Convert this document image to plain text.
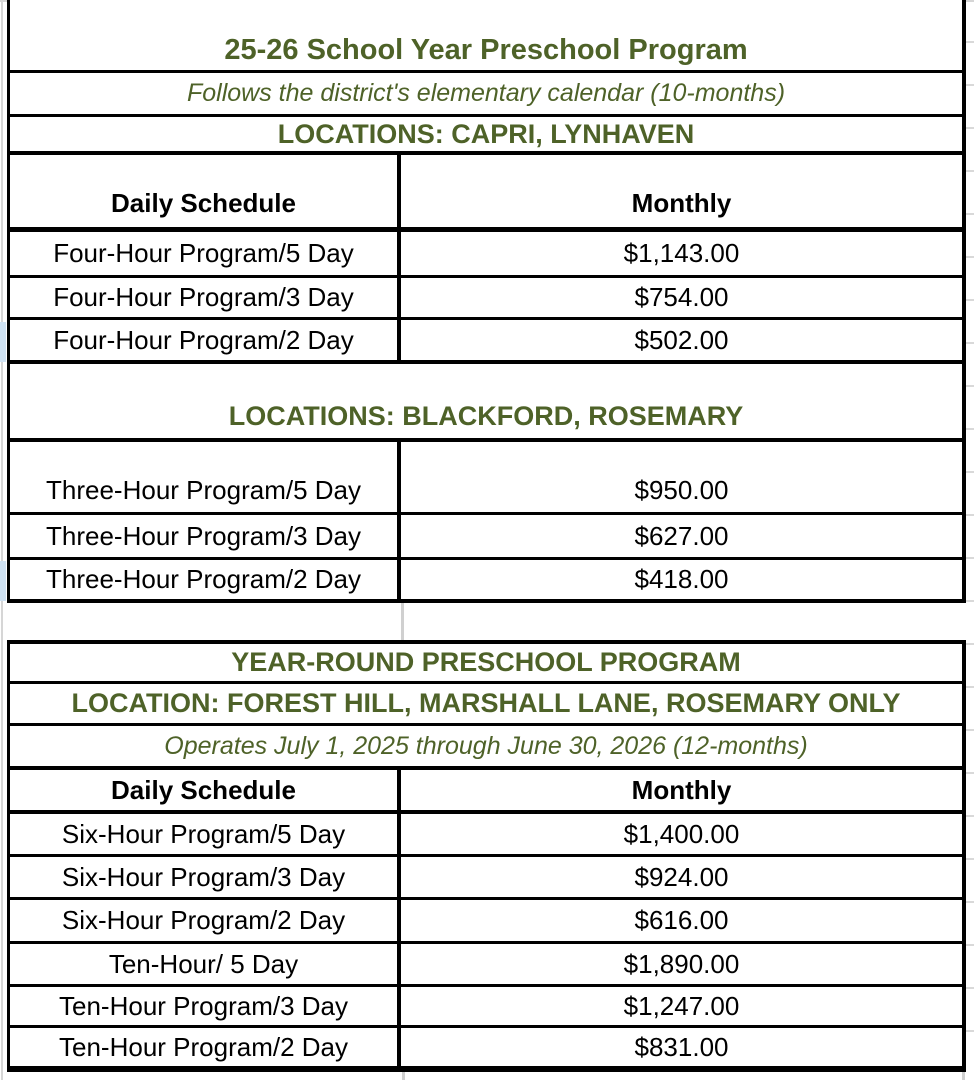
25-26 School Year Preschool Program
Follows the district's elementary calendar (10-months)
LOCATIONS: CAPRI, LYNHAVEN
Daily Schedule	Monthly
Four-Hour Program/5 Day	$1,143.00
Four-Hour Program/3 Day	$754.00
Four-Hour Program/2 Day	$502.00
LOCATIONS: BLACKFORD, ROSEMARY
Three-Hour Program/5 Day	$950.00
Three-Hour Program/3 Day	$627.00
Three-Hour Program/2 Day	$418.00
YEAR-ROUND PRESCHOOL PROGRAM
LOCATION: FOREST HILL, MARSHALL LANE, ROSEMARY ONLY
Operates July 1, 2025 through June 30, 2026 (12-months)
Daily Schedule	Monthly
Six-Hour Program/5 Day	$1,400.00
Six-Hour Program/3 Day	$924.00
Six-Hour Program/2 Day	$616.00
Ten-Hour/ 5 Day	$1,890.00
Ten-Hour Program/3 Day	$1,247.00
Ten-Hour Program/2 Day	$831.00
